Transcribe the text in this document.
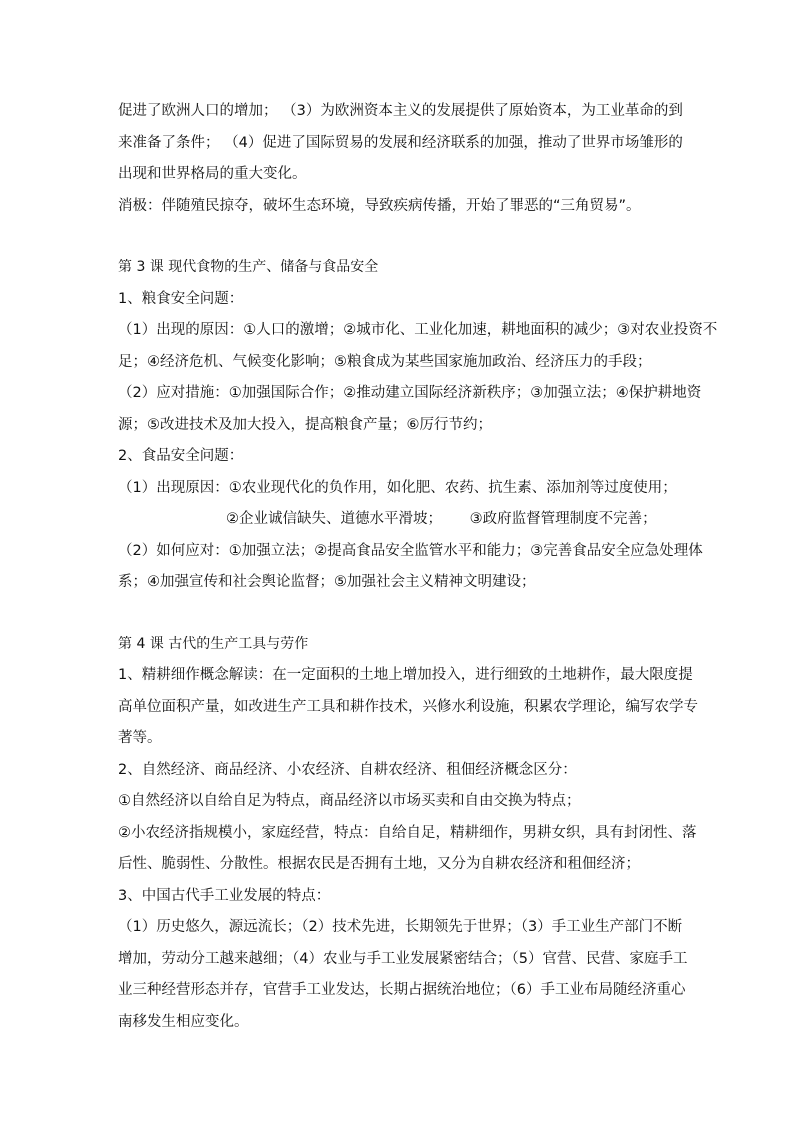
促进了欧洲人口的增加； （3）为欧洲资本主义的发展提供了原始资本，为工业革命的到

来准备了条件； （4）促进了国际贸易的发展和经济联系的加强，推动了世界市场雏形的

出现和世界格局的重大变化。

消极：伴随殖民掠夺，破坏生态环境，导致疾病传播，开始了罪恶的“三角贸易”。

第 3 课 现代食物的生产、储备与食品安全

1、粮食安全问题：

（1）出现的原因：①人口的激增；②城市化、工业化加速，耕地面积的减少；③对农业投资不

足；④经济危机、气候变化影响；⑤粮食成为某些国家施加政治、经济压力的手段；

（2）应对措施：①加强国际合作；②推动建立国际经济新秩序；③加强立法；④保护耕地资

源；⑤改进技术及加大投入，提高粮食产量；⑥厉行节约；

2、食品安全问题：

（1）出现原因：①农业现代化的负作用，如化肥、农药、抗生素、添加剂等过度使用；

②企业诚信缺失、道德水平滑坡；      ③政府监督管理制度不完善；

（2）如何应对：①加强立法；②提高食品安全监管水平和能力；③完善食品安全应急处理体

系；④加强宣传和社会舆论监督；⑤加强社会主义精神文明建设；

第 4 课 古代的生产工具与劳作

1、精耕细作概念解读：在一定面积的土地上增加投入，进行细致的土地耕作，最大限度提

高单位面积产量，如改进生产工具和耕作技术，兴修水利设施，积累农学理论，编写农学专

著等。

2、自然经济、商品经济、小农经济、自耕农经济、租佃经济概念区分：

①自然经济以自给自足为特点，商品经济以市场买卖和自由交换为特点；

②小农经济指规模小，家庭经营，特点：自给自足，精耕细作，男耕女织，具有封闭性、落

后性、脆弱性、分散性。根据农民是否拥有土地，又分为自耕农经济和租佃经济；

3、中国古代手工业发展的特点：

（1）历史悠久，源远流长；（2）技术先进，长期领先于世界；（3）手工业生产部门不断

增加，劳动分工越来越细；（4）农业与手工业发展紧密结合；（5）官营、民营、家庭手工

业三种经营形态并存，官营手工业发达，长期占据统治地位；（6）手工业布局随经济重心

南移发生相应变化。
